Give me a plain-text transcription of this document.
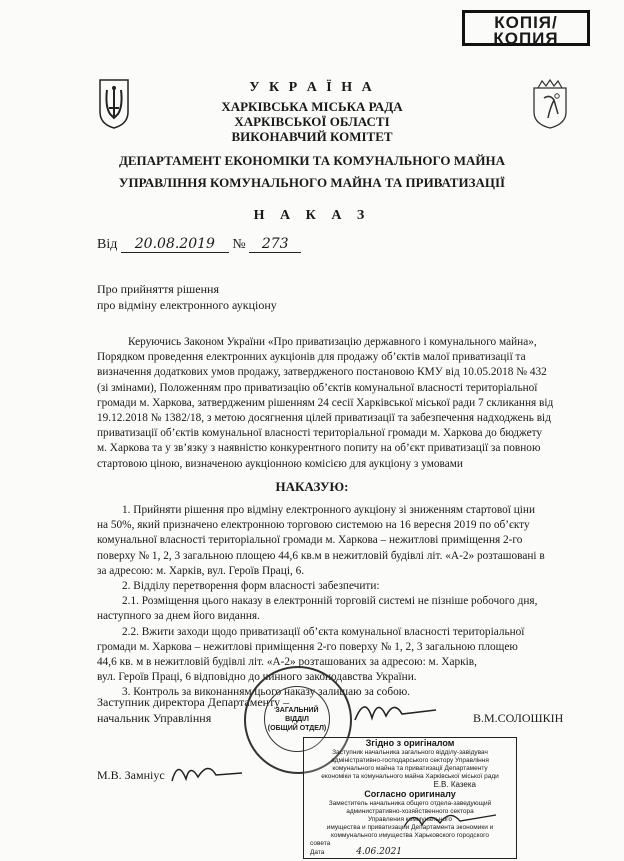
КОПІЯ/
КОПИЯ
У К Р А Ї Н А
ХАРКІВСЬКА МІСЬКА РАДА
ХАРКІВСЬКОЇ ОБЛАСТІ
ВИКОНАВЧИЙ КОМІТЕТ
ДЕПАРТАМЕНТ ЕКОНОМІКИ ТА КОМУНАЛЬНОГО МАЙНА
УПРАВЛІННЯ КОМУНАЛЬНОГО МАЙНА ТА ПРИВАТИЗАЦІЇ
Н А К А З
Від 20.08.2019 № 273
Про прийняття рішення
про відміну електронного аукціону
Керуючись Законом України «Про приватизацію державного і комунального майна»,
Порядком проведення електронних аукціонів для продажу об’єктів малої приватизації та
визначення додаткових умов продажу, затвердженого постановою КМУ від 10.05.2018 № 432
(зі змінами), Положенням про приватизацію об’єктів комунальної власності територіальної
громади м. Харкова, затвердженим рішенням 24 сесії Харківської міської ради 7 скликання від
19.12.2018 № 1382/18, з метою досягнення цілей приватизації та забезпечення надходжень від
приватизації об’єктів комунальної власності територіальної громади м. Харкова до бюджету
м. Харкова та у зв’язку з наявністю конкурентного попиту на об’єкт приватизації за повною
стартовою ціною, визначеною аукціонною комісією для аукціону з умовами
НАКАЗУЮ:
1. Прийняти рішення про відміну електронного аукціону зі зниженням стартової ціни
на 50%, який призначено електронною торговою системою на 16 вересня 2019 по об’єкту
комунальної власності територіальної громади м. Харкова – нежитлові приміщення 2-го
поверху № 1, 2, 3 загальною площею 44,6 кв.м в нежитловій будівлі літ. «А-2» розташовані в
за адресою: м. Харків, вул. Героїв Праці, 6.
2. Відділу перетворення форм власності забезпечити:
2.1. Розміщення цього наказу в електронній торговій системі не пізніше робочого дня,
наступного за днем його видання.
2.2. Вжити заходи щодо приватизації об’єкта комунальної власності територіальної
громади м. Харкова – нежитлові приміщення 2-го поверху № 1, 2, 3 загальною площею
44,6 кв. м в нежитловій будівлі літ. «А-2» розташованих за адресою: м. Харків,
вул. Героїв Праці, 6 відповідно до чинного законодавства України.
3. Контроль за виконанням цього наказу залишаю за собою.
Заступник директора Департаменту –
начальник Управління	В.М.СОЛОШКІН
М.В. Замніус
ЗАГАЛЬНИЙ
ВІДДІЛ
(ОБЩИЙ ОТДЕЛ)
Згідно з оригіналом
Заступник начальника загального відділу-завідувач
адміністративно-господарського сектору Управління
комунального майна та приватизації Департаменту
економіки та комунального майна Харківської міської ради
Е.В. Казека
Согласно оригиналу
Заместитель начальника общего отдела-заведующий
административно-хозяйственного сектора
Управления коммунального
имущества и приватизации Департамента экономики и
коммунального имущества Харьковского городского
совета
Дата	4.06.2021
